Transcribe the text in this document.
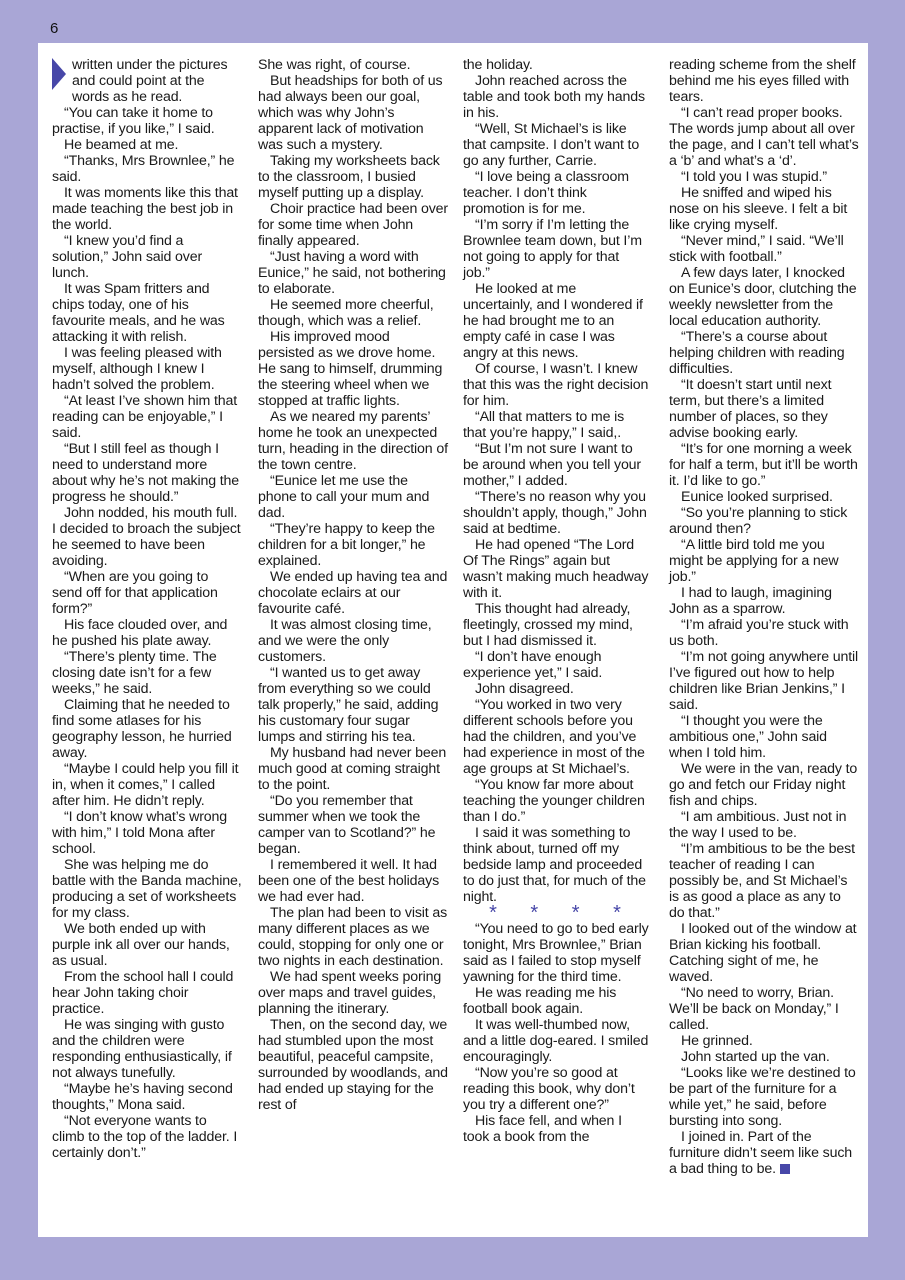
6

written under the pictures and could point at the words as he read.

“You can take it home to practise, if you like,” I said.

He beamed at me.

“Thanks, Mrs Brownlee,” he said.

It was moments like this that made teaching the best job in the world.

“I knew you’d find a solution,” John said over lunch.

It was Spam fritters and chips today, one of his favourite meals, and he was attacking it with relish.

I was feeling pleased with myself, although I knew I hadn’t solved the problem.

“At least I’ve shown him that reading can be enjoyable,” I said.

“But I still feel as though I need to understand more about why he’s not making the progress he should.”

John nodded, his mouth full. I decided to broach the subject he seemed to have been avoiding.

“When are you going to send off for that application form?”

His face clouded over, and he pushed his plate away.

“There’s plenty time. The closing date isn’t for a few weeks,” he said.

Claiming that he needed to find some atlases for his geography lesson, he hurried away.

“Maybe I could help you fill it in, when it comes,” I called after him. He didn’t reply.

“I don’t know what’s wrong with him,” I told Mona after school.

She was helping me do battle with the Banda machine, producing a set of worksheets for my class.

We both ended up with purple ink all over our hands, as usual.

From the school hall I could hear John taking choir practice.

He was singing with gusto and the children were responding enthusiastically, if not always tunefully.

“Maybe he’s having second thoughts,” Mona said.

“Not everyone wants to climb to the top of the ladder. I certainly don’t.”

She was right, of course.

But headships for both of us had always been our goal, which was why John’s apparent lack of motivation was such a mystery.

Taking my worksheets back to the classroom, I busied myself putting up a display.

Choir practice had been over for some time when John finally appeared.

“Just having a word with Eunice,” he said, not bothering to elaborate.

He seemed more cheerful, though, which was a relief.

His improved mood persisted as we drove home. He sang to himself, drumming the steering wheel when we stopped at traffic lights.

As we neared my parents’ home he took an unexpected turn, heading in the direction of the town centre.

“Eunice let me use the phone to call your mum and dad.

“They’re happy to keep the children for a bit longer,” he explained.

We ended up having tea and chocolate eclairs at our favourite café.

It was almost closing time, and we were the only customers.

“I wanted us to get away from everything so we could talk properly,” he said, adding his customary four sugar lumps and stirring his tea.

My husband had never been much good at coming straight to the point.

“Do you remember that summer when we took the camper van to Scotland?” he began.

I remembered it well. It had been one of the best holidays we had ever had.

The plan had been to visit as many different places as we could, stopping for only one or two nights in each destination.

We had spent weeks poring over maps and travel guides, planning the itinerary.

Then, on the second day, we had stumbled upon the most beautiful, peaceful campsite, surrounded by woodlands, and had ended up staying for the rest of

the holiday.

John reached across the table and took both my hands in his.

“Well, St Michael’s is like that campsite. I don’t want to go any further, Carrie.

“I love being a classroom teacher. I don’t think promotion is for me.

“I’m sorry if I’m letting the Brownlee team down, but I’m not going to apply for that job.”

He looked at me uncertainly, and I wondered if he had brought me to an empty café in case I was angry at this news.

Of course, I wasn’t. I knew that this was the right decision for him.

“All that matters to me is that you’re happy,” I said,.

“But I’m not sure I want to be around when you tell your mother,” I added.

“There’s no reason why you shouldn’t apply, though,” John said at bedtime.

He had opened “The Lord Of The Rings” again but wasn’t making much headway with it.

This thought had already, fleetingly, crossed my mind, but I had dismissed it.

“I don’t have enough experience yet,” I said.

John disagreed.

“You worked in two very different schools before you had the children, and you’ve had experience in most of the age groups at St Michael’s.

“You know far more about teaching the younger children than I do.”

I said it was something to think about, turned off my bedside lamp and proceeded to do just that, for much of the night.

* * * *

“You need to go to bed early tonight, Mrs Brownlee,” Brian said as I failed to stop myself yawning for the third time.

He was reading me his football book again.

It was well-thumbed now, and a little dog-eared. I smiled encouragingly.

“Now you’re so good at reading this book, why don’t you try a different one?”

His face fell, and when I took a book from the

reading scheme from the shelf behind me his eyes filled with tears.

“I can’t read proper books. The words jump about all over the page, and I can’t tell what’s a ‘b’ and what’s a ‘d’.

“I told you I was stupid.”

He sniffed and wiped his nose on his sleeve. I felt a bit like crying myself.

“Never mind,” I said. “We’ll stick with football.”

A few days later, I knocked on Eunice’s door, clutching the weekly newsletter from the local education authority.

“There’s a course about helping children with reading difficulties.

“It doesn’t start until next term, but there’s a limited number of places, so they advise booking early.

“It’s for one morning a week for half a term, but it’ll be worth it. I’d like to go.”

Eunice looked surprised.

“So you’re planning to stick around then?

“A little bird told me you might be applying for a new job.”

I had to laugh, imagining John as a sparrow.

“I’m afraid you’re stuck with us both.

“I’m not going anywhere until I’ve figured out how to help children like Brian Jenkins,” I said.

“I thought you were the ambitious one,” John said when I told him.

We were in the van, ready to go and fetch our Friday night fish and chips.

“I am ambitious. Just not in the way I used to be.

“I’m ambitious to be the best teacher of reading I can possibly be, and St Michael’s is as good a place as any to do that.”

I looked out of the window at Brian kicking his football. Catching sight of me, he waved.

“No need to worry, Brian. We’ll be back on Monday,” I called.

He grinned.

John started up the van.

“Looks like we’re destined to be part of the furniture for a while yet,” he said, before bursting into song.

I joined in. Part of the furniture didn’t seem like such a bad thing to be.
